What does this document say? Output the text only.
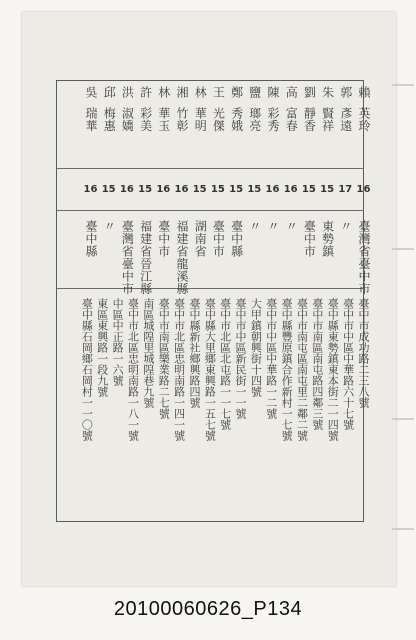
賴英玲
郭彥遠
朱賢祥
劉靜香
高富春
陳彩秀
鹽瑯亮
鄭秀娥
王光傑
林華明
湘竹彰
林華玉
許彩美
洪淑嬌
邱梅惠
吳瑞華
16
17
15
15
16
16
15
15
15
15
16
16
15
16
15
16
臺灣省臺中市
〃
東勢鎮
臺中市
〃
〃
〃
臺中縣
臺中市
湖南省
福建省龍溪縣
臺中市
福建省晉江縣
臺灣省臺中市
〃
臺中縣
臺中市成功路二三八號
臺中市中區中華路六十七號
臺中縣東勢鎮東本街二一四號
臺中市南區南屯路四鄰三號
臺中市南屯區南屯里二鄰二號
臺中縣豐原鎮合作新村一七號
臺中市中區中華路一二號
大甲鎮朝興街十四號
臺中市中區新民街一一號
臺中市北區北屯路一一七號
臺中縣大里鄉東興路一五七號
臺中縣新社鄉興路四號
臺中市北區忠明南路一四一號
臺中市南區樂業路二七號
南區城隍里城隍巷九號
臺中市北區忠明南路一八一號
中區中正路一六號
東區東興路一段九號
臺中縣石岡鄉石岡村一一〇號
20100060626_P134
